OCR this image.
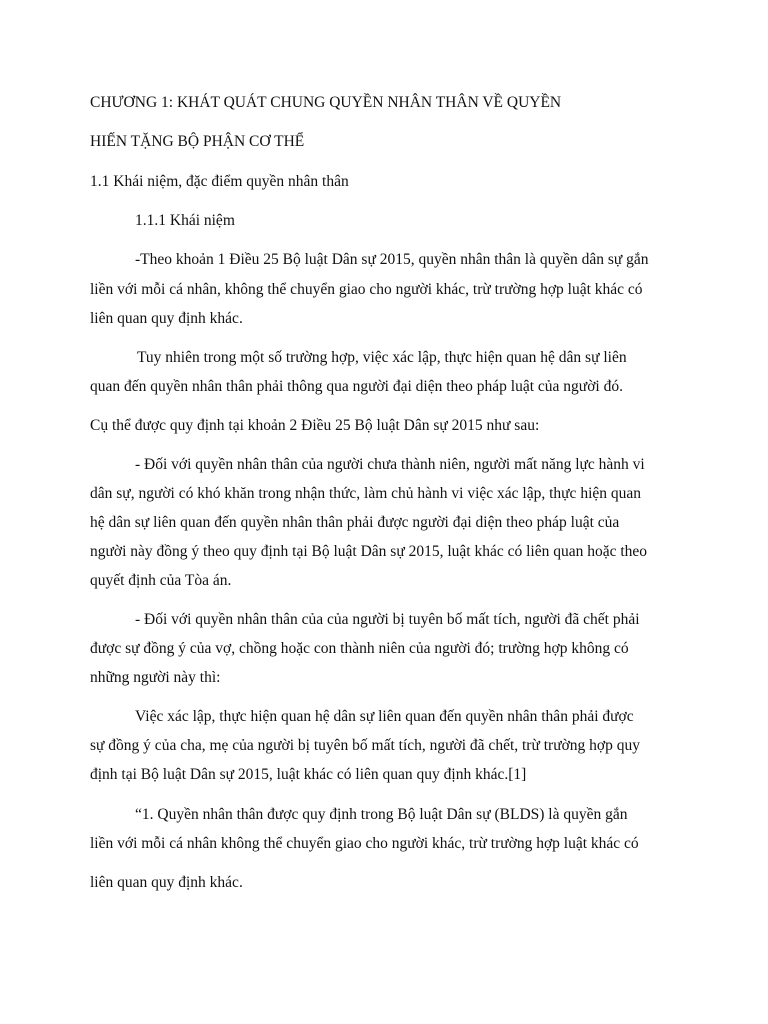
CHƯƠNG 1: KHÁT QUÁT CHUNG QUYỀN NHÂN THÂN VỀ QUYỀN
HIẾN TẶNG BỘ PHẬN CƠ THỂ
1.1 Khái niệm, đặc điểm quyền nhân thân
1.1.1 Khái niệm
-Theo khoản 1 Điều 25 Bộ luật Dân sự 2015, quyền nhân thân là quyền dân sự gắn
liền với mỗi cá nhân, không thể chuyển giao cho người khác, trừ trường hợp luật khác có
liên quan quy định khác.
Tuy nhiên trong một số trường hợp, việc xác lập, thực hiện quan hệ dân sự liên
quan đến quyền nhân thân phải thông qua người đại diện theo pháp luật của người đó.
Cụ thể được quy định tại khoản 2 Điều 25 Bộ luật Dân sự 2015 như sau:
- Đối với quyền nhân thân của người chưa thành niên, người mất năng lực hành vi
dân sự, người có khó khăn trong nhận thức, làm chủ hành vi việc xác lập, thực hiện quan
hệ dân sự liên quan đến quyền nhân thân phải được người đại diện theo pháp luật của
người này đồng ý theo quy định tại Bộ luật Dân sự 2015, luật khác có liên quan hoặc theo
quyết định của Tòa án.
- Đối với quyền nhân thân của của người bị tuyên bố mất tích, người đã chết phải
được sự đồng ý của vợ, chồng hoặc con thành niên của người đó; trường hợp không có
những người này thì:
Việc xác lập, thực hiện quan hệ dân sự liên quan đến quyền nhân thân phải được
sự đồng ý của cha, mẹ của người bị tuyên bố mất tích, người đã chết, trừ trường hợp quy
định tại Bộ luật Dân sự 2015, luật khác có liên quan quy định khác.[1]
“1. Quyền nhân thân được quy định trong Bộ luật Dân sự (BLDS) là quyền gắn
liền với mỗi cá nhân không thể chuyển giao cho người khác, trừ trường hợp luật khác có
liên quan quy định khác.
